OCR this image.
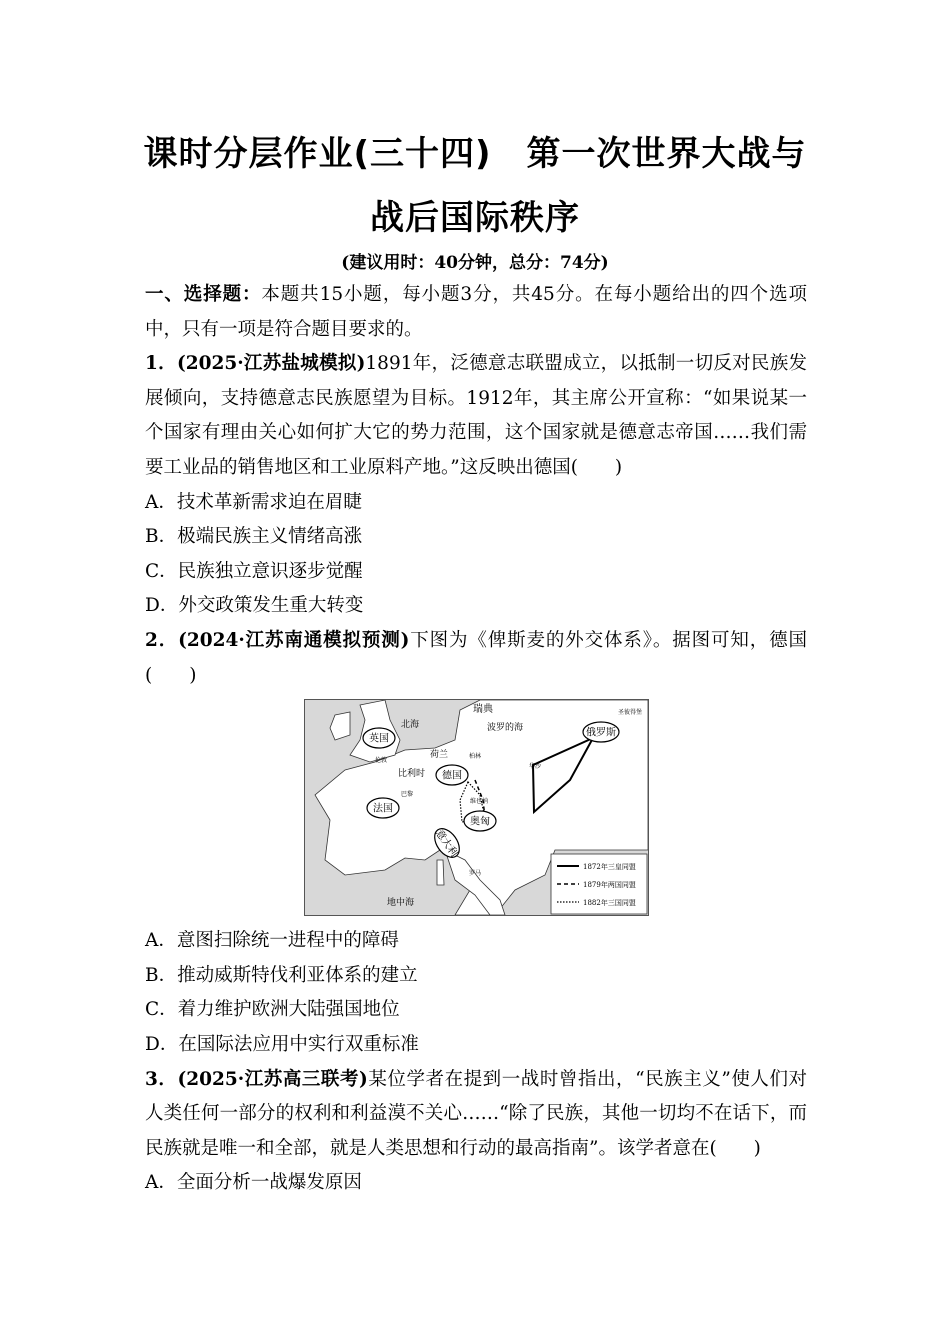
课时分层作业(三十四)　第一次世界大战与
战后国际秩序
(建议用时：40分钟，总分：74分)

一、选择题：本题共15小题，每小题3分，共45分。在每小题给出的四个选项中，只有一项是符合题目要求的。

1．(2025·江苏盐城模拟)1891年，泛德意志联盟成立，以抵制一切反对民族发展倾向，支持德意志民族愿望为目标。1912年，其主席公开宣称：“如果说某一个国家有理由关心如何扩大它的势力范围，这个国家就是德意志帝国……我们需要工业品的销售地区和工业原料产地。”这反映出德国(　　)

A．技术革新需求迫在眉睫

B．极端民族主义情绪高涨

C．民族独立意识逐步觉醒

D．外交政策发生重大转变

2．(2024·江苏南通模拟预测)下图为《俾斯麦的外交体系》。据图可知，德国(　　)

英国
法国
德国
奥匈
意大利
俄罗斯
瑞典
北海	波罗的海
荷兰
比利时
地中海
圣彼得堡
伦敦
巴黎
柏林
华沙
维也纳
罗马
1872年三皇同盟
1879年两国同盟
1882年三国同盟

A．意图扫除统一进程中的障碍

B．推动威斯特伐利亚体系的建立

C．着力维护欧洲大陆强国地位

D．在国际法应用中实行双重标准

3．(2025·江苏高三联考)某位学者在提到一战时曾指出，“民族主义”使人们对人类任何一部分的权利和利益漠不关心……“除了民族，其他一切均不在话下，而民族就是唯一和全部，就是人类思想和行动的最高指南”。该学者意在(　　)

A．全面分析一战爆发原因
